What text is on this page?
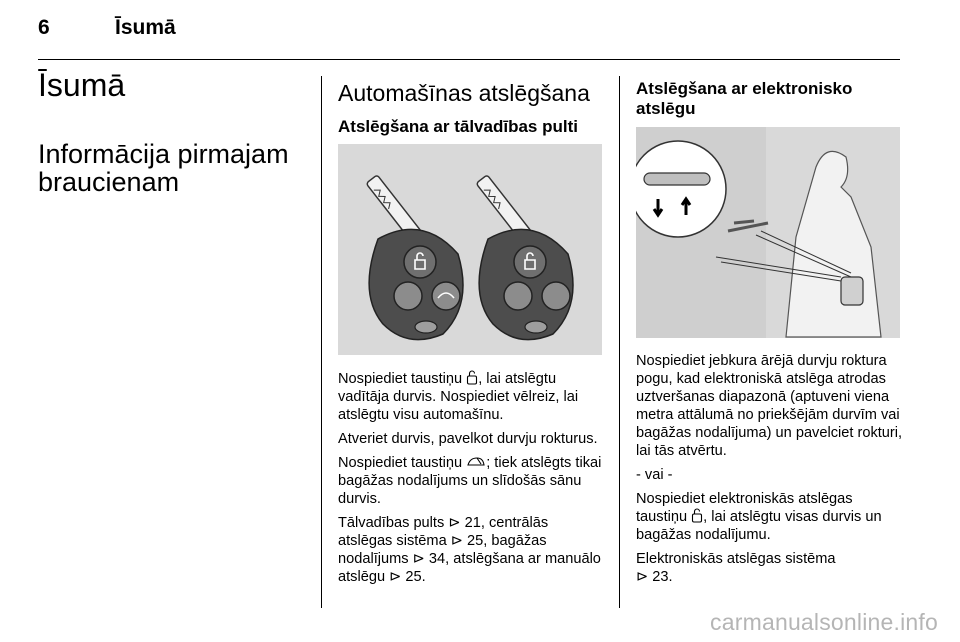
6	Īsumā
Īsumā
Informācija pirmajam braucienam
Automašīnas atslēgšana
Atslēgšana ar tālvadības pulti

Nospiediet taustiņu , lai atslēgtu vadītāja durvis. Nospiediet vēlreiz, lai atslēgtu visu automašīnu.

Atveriet durvis, pavelkot durvju rokturus.

Nospiediet taustiņu ; tiek atslēgts tikai bagāžas nodalījums un slīdošās sānu durvis.

Tālvadības pults ⊳ 21, centrālās atslēgas sistēma ⊳ 25, bagāžas nodalījums ⊳ 34, atslēgšana ar manuālo atslēgu ⊳ 25.

Atslēgšana ar elektronisko atslēgu

Nospiediet jebkura ārējā durvju roktura pogu, kad elektroniskā atslēga atrodas uztveršanas diapazonā (aptuveni viena metra attālumā no priekšējām durvīm vai bagāžas nodalījuma) un pavelciet rokturi, lai tās atvērtu.

- vai -

Nospiediet elektroniskās atslēgas taustiņu , lai atslēgtu visas durvis un bagāžas nodalījumu.

Elektroniskās atslēgas sistēma

⊳ 23.

carmanualsonline.info
